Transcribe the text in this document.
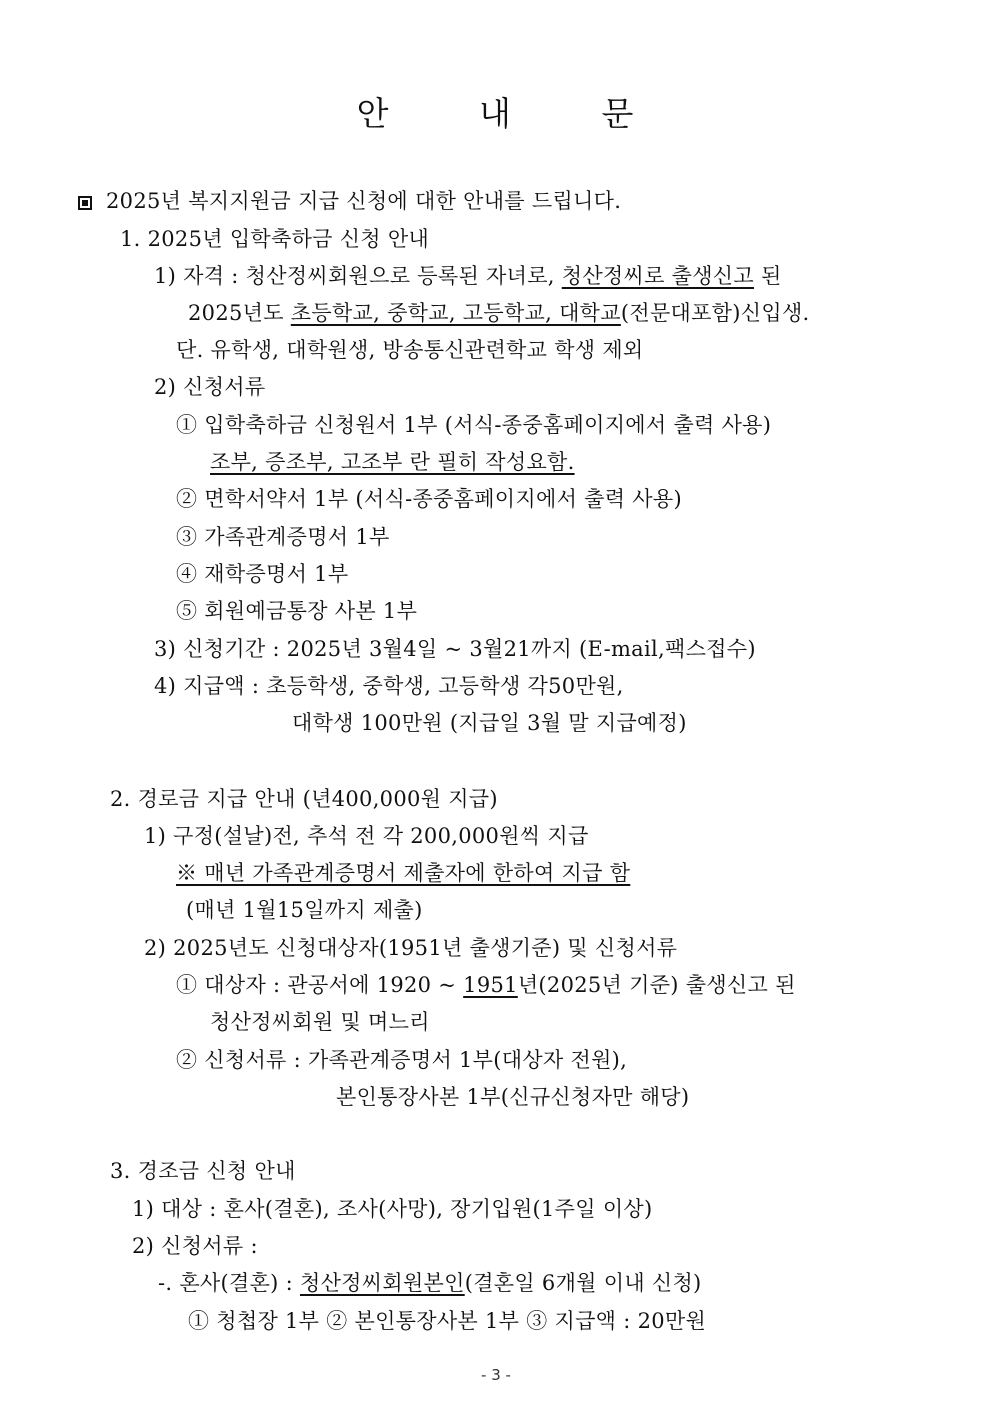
안	내	문
2025년 복지지원금 지급 신청에 대한 안내를 드립니다.
1. 2025년 입학축하금 신청 안내
1) 자격 : 청산정씨회원으로 등록된 자녀로, 청산정씨로 출생신고 된
2025년도 초등학교, 중학교, 고등학교, 대학교(전문대포함)신입생.
단. 유학생, 대학원생, 방송통신관련학교 학생 제외
2) 신청서류
① 입학축하금 신청원서 1부 (서식-종중홈페이지에서 출력 사용)
조부, 증조부, 고조부 란 필히 작성요함.
② 면학서약서 1부 (서식-종중홈페이지에서 출력 사용)
③ 가족관계증명서 1부
④ 재학증명서 1부
⑤ 회원예금통장 사본 1부
3) 신청기간 : 2025년 3월4일 ~ 3월21까지 (E-mail,팩스접수)
4) 지급액 : 초등학생, 중학생, 고등학생 각50만원,
대학생 100만원 (지급일 3월 말 지급예정)
2. 경로금 지급 안내 (년400,000원 지급)
1) 구정(설날)전, 추석 전 각 200,000원씩 지급
※ 매년 가족관계증명서 제출자에 한하여 지급 함
(매년 1월15일까지 제출)
2) 2025년도 신청대상자(1951년 출생기준) 및 신청서류
① 대상자 : 관공서에 1920 ~ 1951년(2025년 기준) 출생신고 된
청산정씨회원 및 며느리
② 신청서류 : 가족관계증명서 1부(대상자 전원),
본인통장사본 1부(신규신청자만 해당)
3. 경조금 신청 안내
1) 대상 : 혼사(결혼), 조사(사망), 장기입원(1주일 이상)
2) 신청서류 :
-. 혼사(결혼) : 청산정씨회원본인(결혼일 6개월 이내 신청)
① 청첩장 1부 ② 본인통장사본 1부 ③ 지급액 : 20만원
- 3 -
